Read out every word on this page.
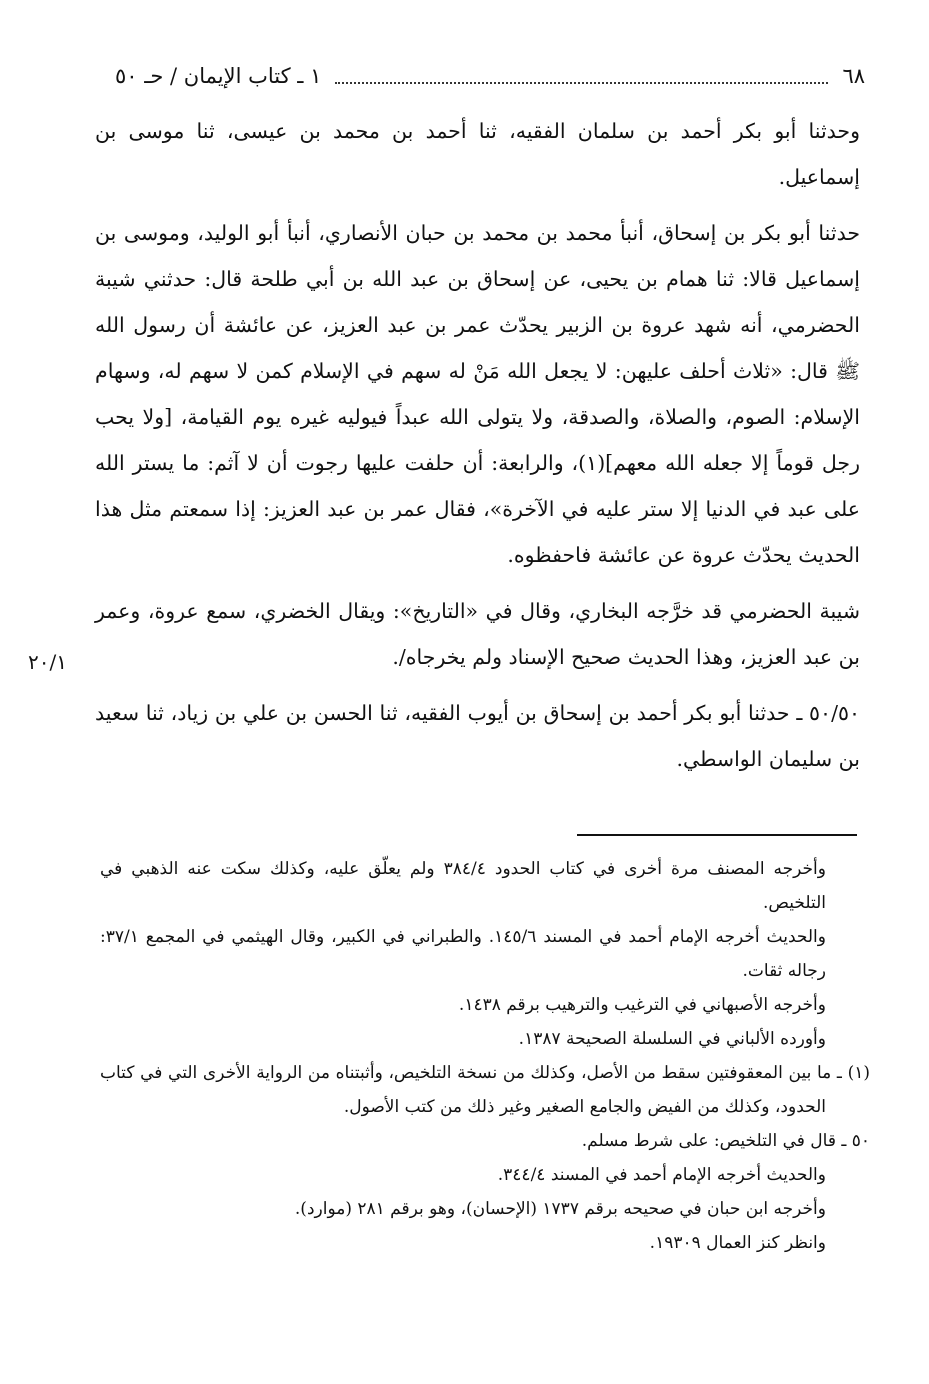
١ ـ كتاب الإيمان / حـ ٥٠	٦٨

وحدثنا أبو بكر أحمد بن سلمان الفقيه، ثنا أحمد بن محمد بن عيسى، ثنا موسى بن إسماعيل.

حدثنا أبو بكر بن إسحاق، أنبأ محمد بن محمد بن حبان الأنصاري، أنبأ أبو الوليد، وموسى بن إسماعيل قالا: ثنا همام بن يحيى، عن إسحاق بن عبد الله بن أبي طلحة قال: حدثني شيبة الحضرمي، أنه شهد عروة بن الزبير يحدّث عمر بن عبد العزيز، عن عائشة أن رسول الله ﷺ قال: «ثلاث أحلف عليهن: لا يجعل الله مَنْ له سهم في الإسلام كمن لا سهم له، وسهام الإسلام: الصوم، والصلاة، والصدقة، ولا يتولى الله عبداً فيوليه غيره يوم القيامة، [ولا يحب رجل قوماً إلا جعله الله معهم](١)، والرابعة: أن حلفت عليها رجوت أن لا آثم: ما يستر الله على عبد في الدنيا إلا ستر عليه في الآخرة»، فقال عمر بن عبد العزيز: إذا سمعتم مثل هذا الحديث يحدّث عروة عن عائشة فاحفظوه.

شيبة الحضرمي قد خرَّجه البخاري، وقال في «التاريخ»: ويقال الخضري، سمع عروة، وعمر بن عبد العزيز، وهذا الحديث صحيح الإسناد ولم يخرجاه/.

٥٠/٥٠ ـ حدثنا أبو بكر أحمد بن إسحاق بن أيوب الفقيه، ثنا الحسن بن علي بن زياد، ثنا سعيد بن سليمان الواسطي.

٢٠/١

وأخرجه المصنف مرة أخرى في كتاب الحدود ٣٨٤/٤ ولم يعلّق عليه، وكذلك سكت عنه الذهبي في التلخيص.

والحديث أخرجه الإمام أحمد في المسند ١٤٥/٦. والطبراني في الكبير، وقال الهيثمي في المجمع ٣٧/١: رجاله ثقات.

وأخرجه الأصبهاني في الترغيب والترهيب برقم ١٤٣٨.

وأورده الألباني في السلسلة الصحيحة ١٣٨٧.

(١) ـ ما بين المعقوفتين سقط من الأصل، وكذلك من نسخة التلخيص، وأثبتناه من الرواية الأخرى التي في كتاب الحدود، وكذلك من الفيض والجامع الصغير وغير ذلك من كتب الأصول.

٥٠ ـ قال في التلخيص: على شرط مسلم.

والحديث أخرجه الإمام أحمد في المسند ٣٤٤/٤.

وأخرجه ابن حبان في صحيحه برقم ١٧٣٧ (الإحسان)، وهو برقم ٢٨١ (موارد).

وانظر كنز العمال ١٩٣٠٩.
